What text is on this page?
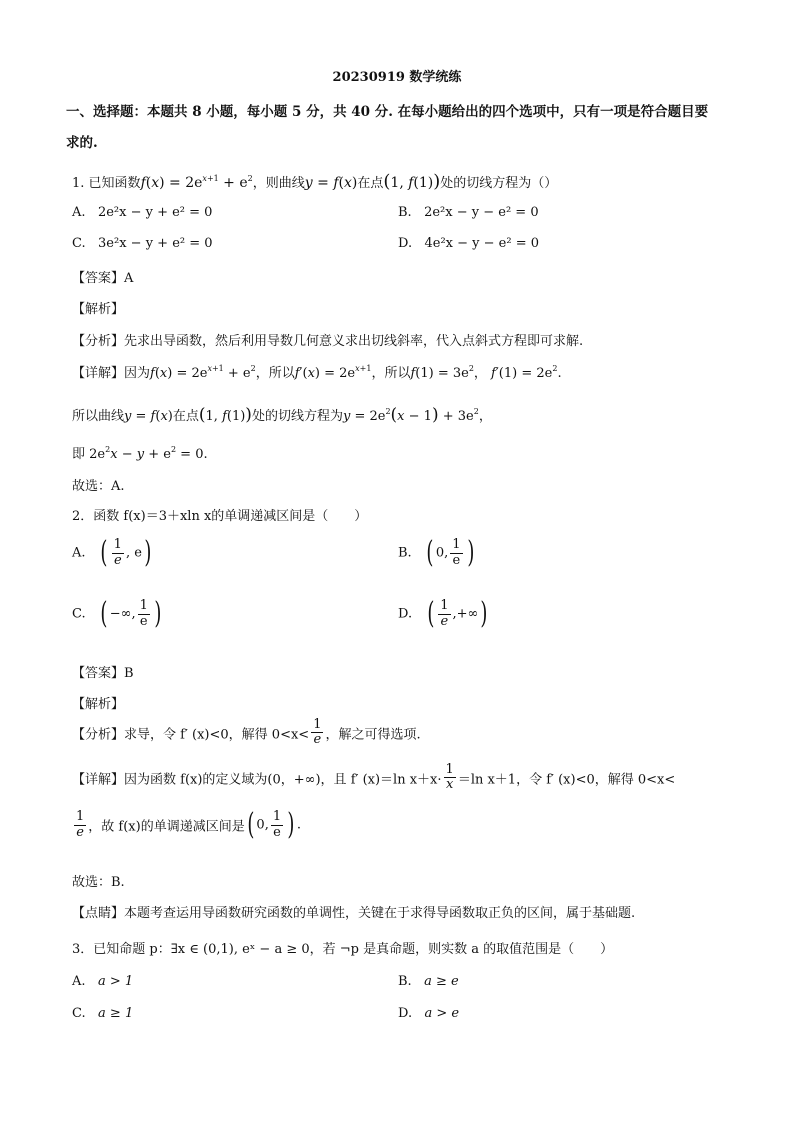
20230919 数学统练
一、选择题：本题共 8 小题，每小题 5 分，共 40 分. 在每小题给出的四个选项中，只有一项是符合题目要
求的.
1. 已知函数$f(x) = 2e^{x+1} + e^2$，则曲线y = f(x)在点(1, f(1))处的切线方程为（）
A. 2e²x − y + e² = 0	B. 2e²x − y − e² = 0
C. 3e²x − y + e² = 0	D. 4e²x − y − e² = 0
【答案】A
【解析】
【分析】先求出导函数，然后利用导数几何意义求出切线斜率，代入点斜式方程即可求解.
【详解】因为$f(x) = 2e^{x+1} + e^2$，所以$f'(x) = 2e^{x+1}$，所以$f(1) = 3e^2$， $f'(1) = 2e^2$.
所以曲线y = f(x)在点(1, f(1))处的切线方程为$y = 2e^2(x - 1) + 3e^2$，
即 $2e^2x - y + e^2 = 0$.
故选：A.
2．函数 f(x)＝3＋xln x的单调递减区间是（　　）
A. ( $\frac{1}{e}$ , e)	B. ( 0, $\frac{1}{e}$ )
C. ( −∞, $\frac{1}{e}$ )	D. ( $\frac{1}{e}$ ,+∞)
【答案】B
【解析】
【分析】求导，令 f′ (x)<0，解得 $0<x< \frac{1}{e}$ ，解之可得选项.
【详解】因为函数 f(x)的定义域为(0，+∞)，且 f′ (x)＝ln $x+x\cdot \frac{1}{x} =\ln$ x＋1，令 f′ (x)<0，解得 0<x<
$\frac{1}{e}$ ，故 f(x)的单调递减区间是( 0, $\frac{1}{e}$ ) .
故选：B.
【点睛】本题考查运用导函数研究函数的单调性，关键在于求得导函数取正负的区间，属于基础题.
3．已知命题 p：∃x ∈ (0,1), eˣ − a ≥ 0，若 ¬p 是真命题，则实数 a 的取值范围是（　　）
A. a > 1	B. a ≥ e
C. a ≥ 1	D. a > e
